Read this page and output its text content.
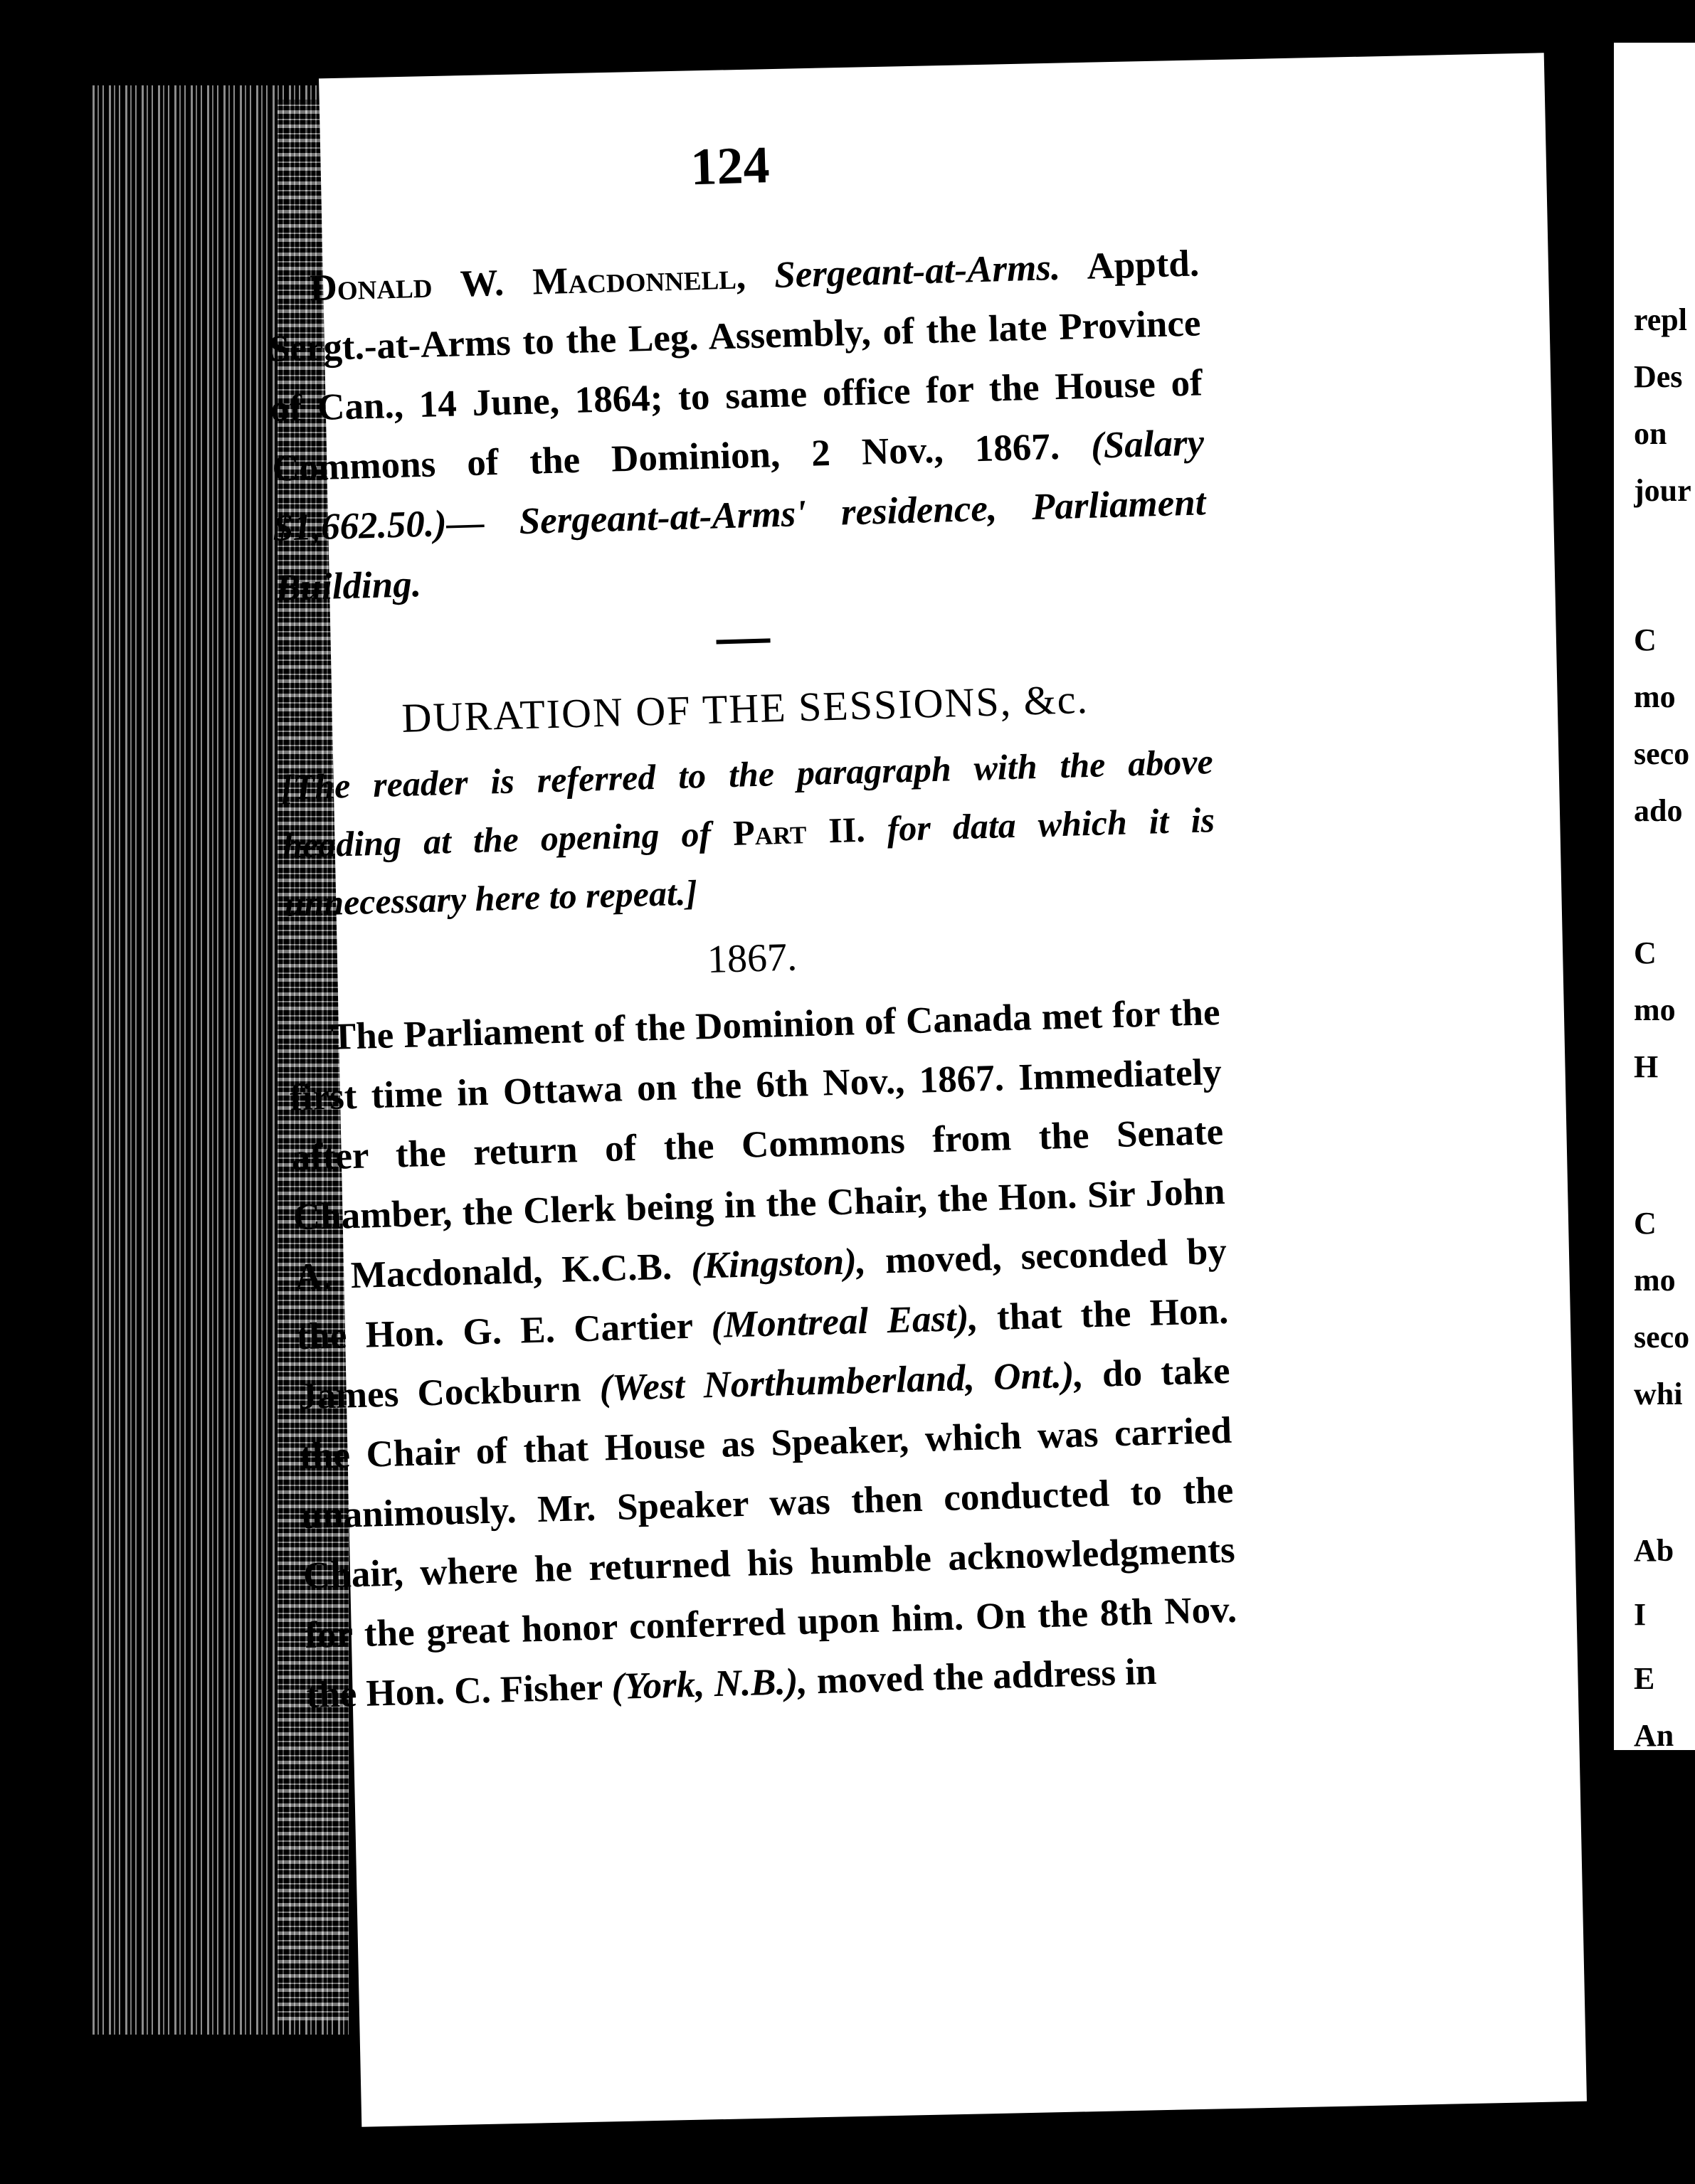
124

Donald W. Macdonnell, Sergeant-at-Arms. Apptd. Sergt.-at-Arms to the Leg. Assembly, of the late Province of Can., 14 June, 1864; to same office for the House of Commons of the Dominion, 2 Nov., 1867. (Salary $1,662.50.)— Sergeant-at-Arms' residence, Parliament Building.

DURATION OF THE SESSIONS, &c.

[The reader is referred to the paragraph with the above heading at the opening of Part II. for data which it is unnecessary here to repeat.]

1867.

The Parliament of the Dominion of Canada met for the first time in Ottawa on the 6th Nov., 1867. Immediately after the return of the Commons from the Senate Chamber, the Clerk being in the Chair, the Hon. Sir John A. Macdonald, K.C.B. (Kingston), moved, seconded by the Hon. G. E. Cartier (Montreal East), that the Hon. James Cockburn (West Northumberland, Ont.), do take the Chair of that House as Speaker, which was carried unanimously. Mr. Speaker was then conducted to the Chair, where he returned his humble acknowledgments for the great honor conferred upon him. On the 8th Nov. the Hon. C. Fisher (York, N.B.), moved the address in

repl
Des
on
jour
C
mo
seco
ado
C
mo
H
C
mo
seco
whi
Ab
I
E
An
teu
prc
